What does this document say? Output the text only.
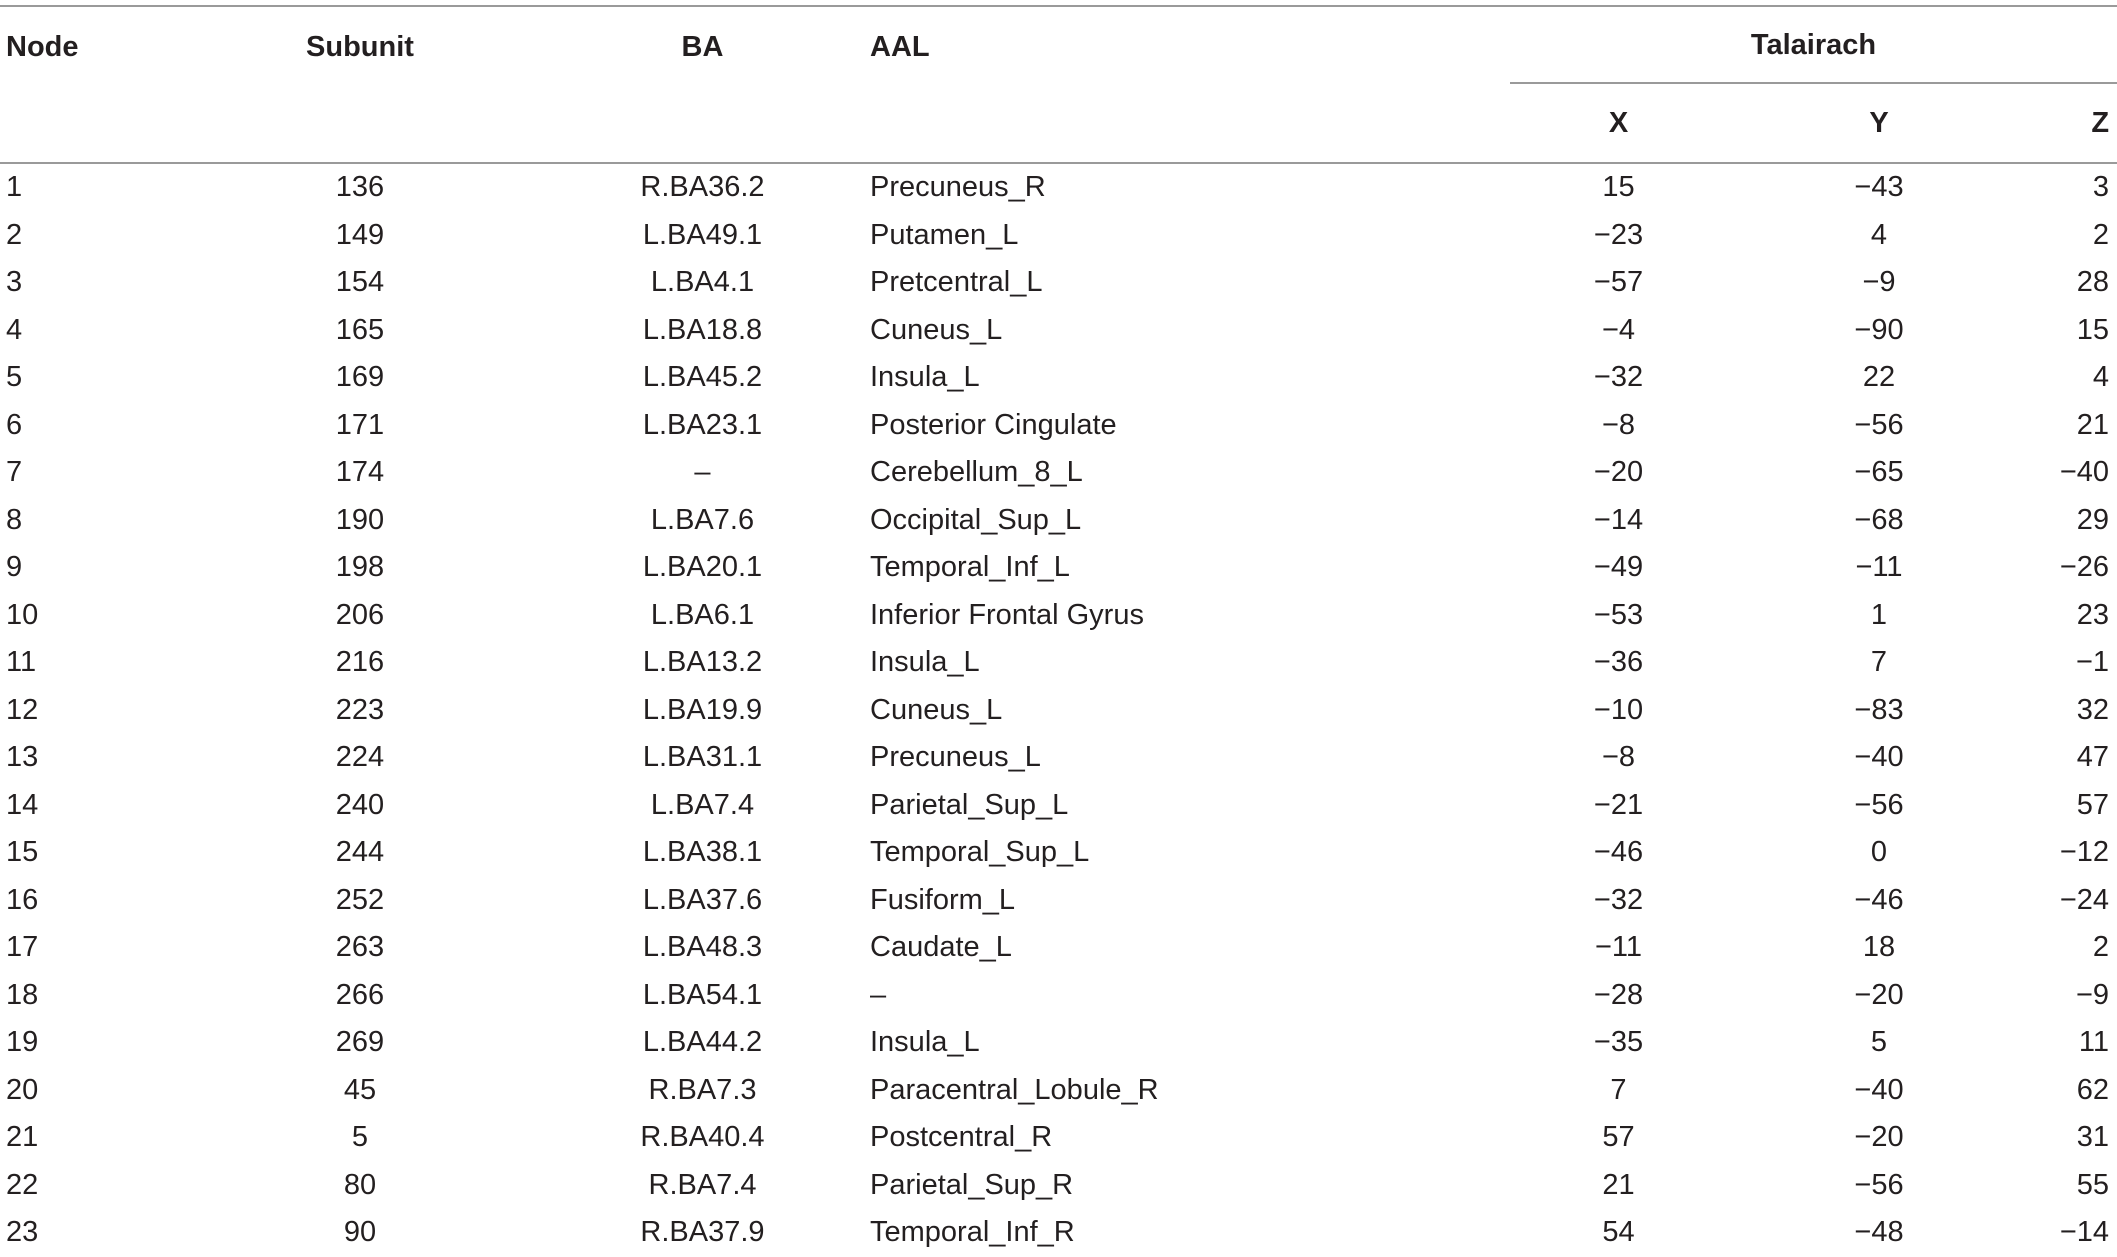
Node	Subunit	BA	AAL	Talairach		

				X	Y	Z
1	136	R.BA36.2	Precuneus_R	15	−43	3
2	149	L.BA49.1	Putamen_L	−23	4	2
3	154	L.BA4.1	Pretcentral_L	−57	−9	28
4	165	L.BA18.8	Cuneus_L	−4	−90	15
5	169	L.BA45.2	Insula_L	−32	22	4
6	171	L.BA23.1	Posterior Cingulate	−8	−56	21
7	174	–	Cerebellum_8_L	−20	−65	−40
8	190	L.BA7.6	Occipital_Sup_L	−14	−68	29
9	198	L.BA20.1	Temporal_Inf_L	−49	−11	−26
10	206	L.BA6.1	Inferior Frontal Gyrus	−53	1	23
11	216	L.BA13.2	Insula_L	−36	7	−1
12	223	L.BA19.9	Cuneus_L	−10	−83	32
13	224	L.BA31.1	Precuneus_L	−8	−40	47
14	240	L.BA7.4	Parietal_Sup_L	−21	−56	57
15	244	L.BA38.1	Temporal_Sup_L	−46	0	−12
16	252	L.BA37.6	Fusiform_L	−32	−46	−24
17	263	L.BA48.3	Caudate_L	−11	18	2
18	266	L.BA54.1	–	−28	−20	−9
19	269	L.BA44.2	Insula_L	−35	5	11
20	45	R.BA7.3	Paracentral_Lobule_R	7	−40	62
21	5	R.BA40.4	Postcentral_R	57	−20	31
22	80	R.BA7.4	Parietal_Sup_R	21	−56	55
23	90	R.BA37.9	Temporal_Inf_R	54	−48	−14
